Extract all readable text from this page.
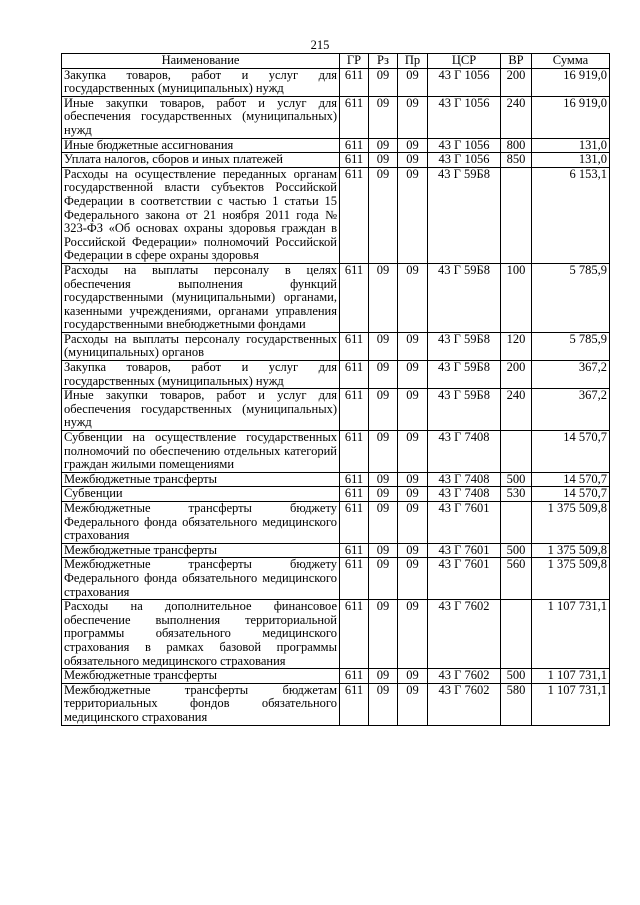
215
Наименование	ГР	Рз	Пр	ЦСР	ВР	Сумма
Закупка товаров, работ и услуг для государственных (муниципальных) нужд	611	09	09	43 Г 1056	200	16 919,0
Иные закупки товаров, работ и услуг для обеспечения государственных (муниципальных) нужд	611	09	09	43 Г 1056	240	16 919,0
Иные бюджетные ассигнования	611	09	09	43 Г 1056	800	131,0
Уплата налогов, сборов и иных платежей	611	09	09	43 Г 1056	850	131,0
Расходы на осуществление переданных органам государственной власти субъектов Российской Федерации в соответствии с частью 1 статьи 15 Федерального закона от 21 ноября 2011 года № 323-ФЗ «Об основах охраны здоровья граждан в Российской Федерации» полномочий Российской Федерации в сфере охраны здоровья	611	09	09	43 Г 59Б8		6 153,1
Расходы на выплаты персоналу в целях обеспечения выполнения функций государственными (муниципальными) органами, казенными учреждениями, органами управления государственными внебюджетными фондами	611	09	09	43 Г 59Б8	100	5 785,9
Расходы на выплаты персоналу государственных (муниципальных) органов	611	09	09	43 Г 59Б8	120	5 785,9
Закупка товаров, работ и услуг для государственных (муниципальных) нужд	611	09	09	43 Г 59Б8	200	367,2
Иные закупки товаров, работ и услуг для обеспечения государственных (муниципальных) нужд	611	09	09	43 Г 59Б8	240	367,2
Субвенции на осуществление государственных полномочий по обеспечению отдельных категорий граждан жилыми помещениями	611	09	09	43 Г 7408		14 570,7
Межбюджетные трансферты	611	09	09	43 Г 7408	500	14 570,7
Субвенции	611	09	09	43 Г 7408	530	14 570,7
Межбюджетные трансферты бюджету Федерального фонда обязательного медицинского страхования	611	09	09	43 Г 7601		1 375 509,8
Межбюджетные трансферты	611	09	09	43 Г 7601	500	1 375 509,8
Межбюджетные трансферты бюджету Федерального фонда обязательного медицинского страхования	611	09	09	43 Г 7601	560	1 375 509,8
Расходы на дополнительное финансовое обеспечение выполнения территориальной программы обязательного медицинского страхования в рамках базовой программы обязательного медицинского страхования	611	09	09	43 Г 7602		1 107 731,1
Межбюджетные трансферты	611	09	09	43 Г 7602	500	1 107 731,1
Межбюджетные трансферты бюджетам территориальных фондов обязательного медицинского страхования	611	09	09	43 Г 7602	580	1 107 731,1
